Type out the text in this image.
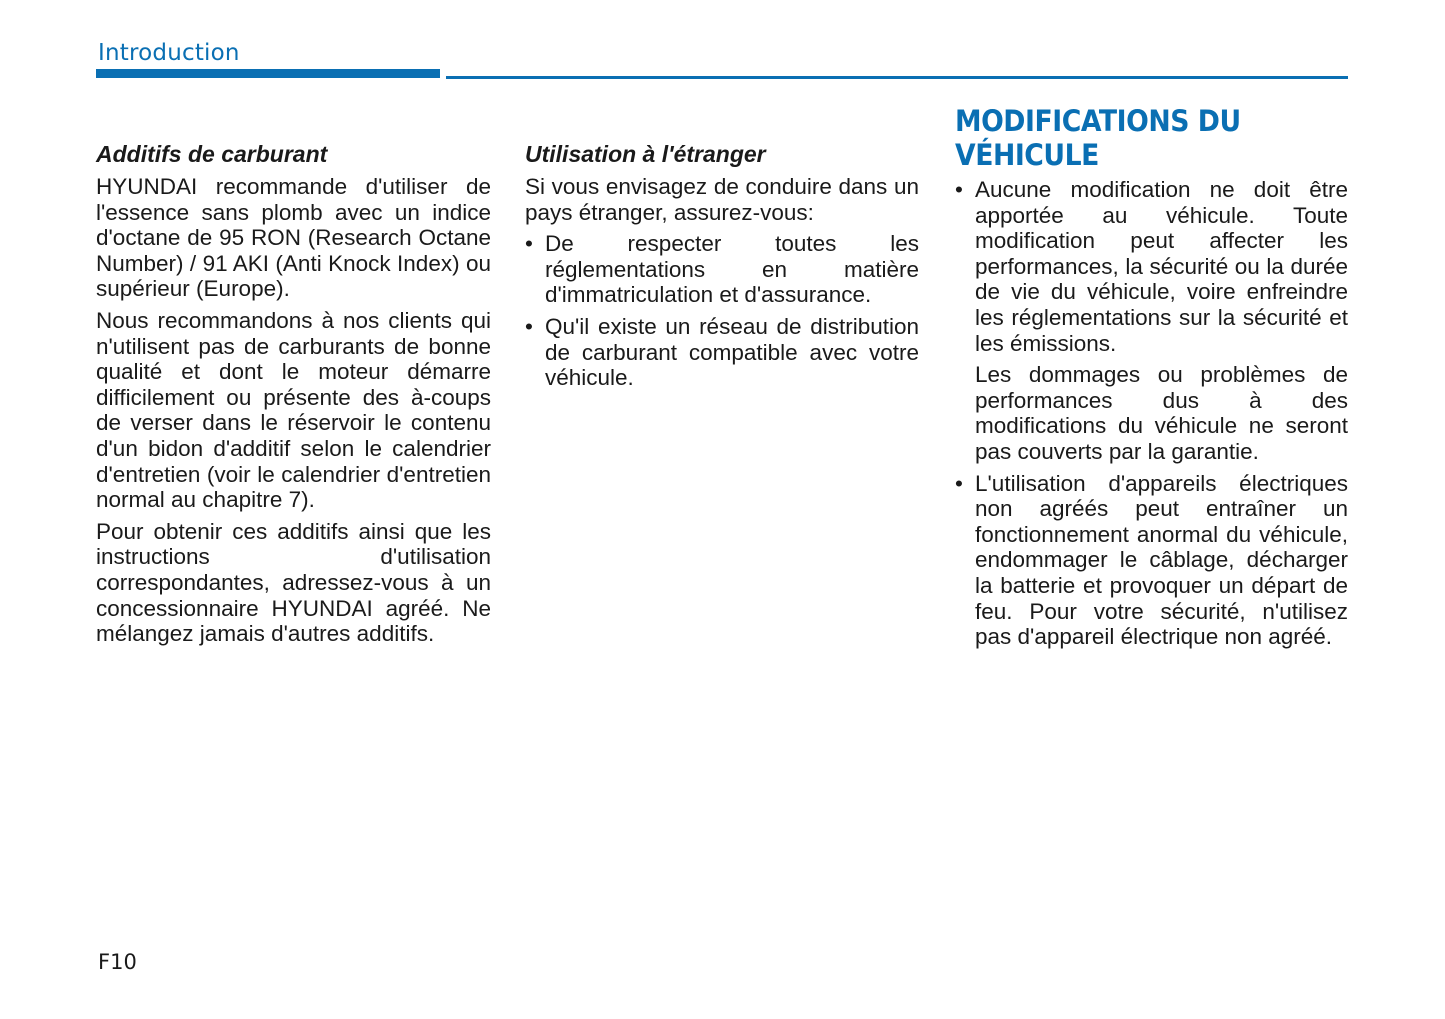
Introduction
Additifs de carburant

HYUNDAI recommande d'utiliser de l'essence sans plomb avec un indice d'octane de 95 RON (Research Octane Number) / 91 AKI (Anti Knock Index) ou supérieur (Europe).

Nous recommandons à nos clients qui n'utilisent pas de carburants de bonne qualité et dont le moteur démarre difficilement ou présente des à-coups de verser dans le réservoir le contenu d'un bidon d'additif selon le calendrier d'entretien (voir le calendrier d'entretien normal au chapitre 7).

Pour obtenir ces additifs ainsi que les instructions d'utilisation correspondantes, adressez-vous à un concessionnaire HYUNDAI agréé. Ne mélangez jamais d'autres additifs.

Utilisation à l'étranger

Si vous envisagez de conduire dans un pays étranger, assurez-vous:

• De respecter toutes les réglementations en matière d'immatriculation et d'assurance.
• Qu'il existe un réseau de distribution de carburant compatible avec votre véhicule.
MODIFICATIONS DU VÉHICULE
• Aucune modification ne doit être apportée au véhicule. Toute modification peut affecter les performances, la sécurité ou la durée de vie du véhicule, voire enfreindre les réglementations sur la sécurité et les émissions.

Les dommages ou problèmes de performances dus à des modifications du véhicule ne seront pas couverts par la garantie.

• L'utilisation d'appareils électriques non agréés peut entraîner un fonctionnement anormal du véhicule, endommager le câblage, décharger la batterie et provoquer un départ de feu. Pour votre sécurité, n'utilisez pas d'appareil électrique non agréé.
F10
